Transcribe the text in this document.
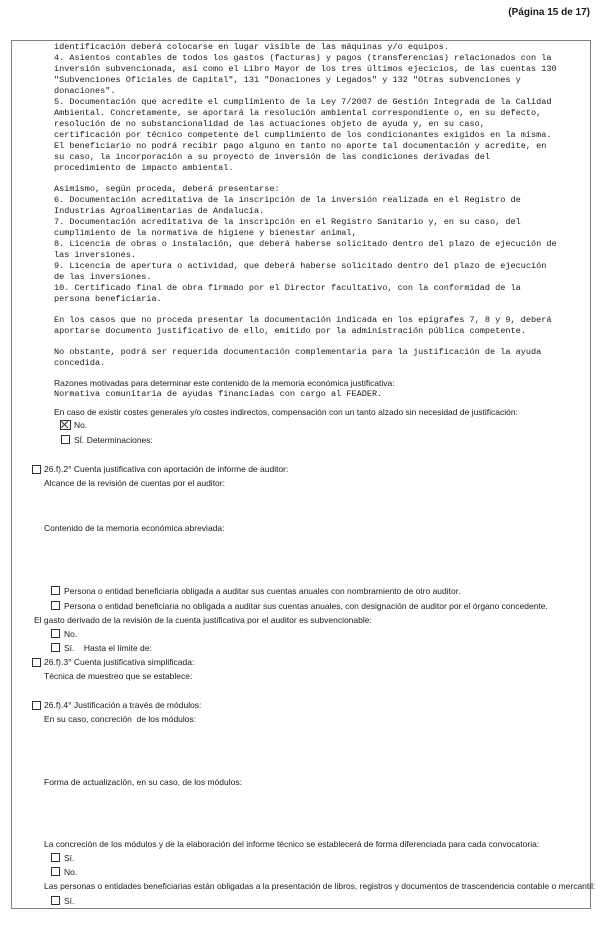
(Página 15 de 17)
identificación deberá colocarse en lugar visible de las máquinas y/o equipos.
4. Asientos contables de todos los gastos (facturas) y pagos (transferencias) relacionados con la
inversión subvencionada, así como el Libro Mayor de los tres últimos ejecicios, de las cuentas 130
"Subvenciones Oficiales de Capital", 131 "Donaciones y Legados" y 132 "Otras subvenciones y
donaciones".
5. Documentación que acredite el cumplimiento de la Ley 7/2007 de Gestión Integrada de la Calidad
Ambiental. Concretamente, se aportará la resolución ambiental correspondiente o, en su defecto,
resolución de no substancionalidad de las actuaciones objeto de ayuda y, en su caso,
certificación por técnico competente del cumplimiento de los condicionantes exigidos en la misma.
El beneficiario no podrá recibir pago alguno en tanto no aporte tal documentación y acredite, en
su caso, la incorporación a su proyecto de inversión de las condiciones derivadas del
procedimiento de impacto ambiental.
Asimismo, según proceda, deberá presentarse:
6. Documentación acreditativa de la inscripción de la inversión realizada en el Registro de
Industrias Agroalimentarias de Andalucía.
7. Documentación acreditativa de la inscripción en el Registro Sanitario y, en su caso, del
cumplimiento de la normativa de higiene y bienestar animal,
8. Licencia de obras o instalación, que deberá haberse solicitado dentro del plazo de ejecución de
las inversiones.
9. Licencia de apertura o actividad, que deberá haberse solicitado dentro del plazo de ejecución
de las inversiones.
10. Certificado final de obra firmado por el Director facultativo, con la conformidad de la
persona beneficiaria.
En los casos que no proceda presentar la documentación indicada en los epígrafes 7, 8 y 9, deberá
aportarse documento justificativo de ello, emitido por la administración pública competente.
No obstante, podrá ser requerida documentación complementaria para la justificación de la ayuda
concedida.
Razones motivadas para determinar este contenido de la memoria económica justificativa:
Normativa comunitaria de ayudas financiadas con cargo al FEADER.
En caso de existir costes generales y/o costes indirectos, compensación con un tanto alzado sin necesidad de justificación:
No.
SÍ. Determinaciones:
26.f).2° Cuenta justificativa con aportación de informe de auditor:
Alcance de la revisión de cuentas por el auditor:
Contenido de la memoria económica abreviada:
Persona o entidad beneficiaria obligada a auditar sus cuentas anuales con nombramiento de otro auditor.
Persona o entidad beneficiaria no obligada a auditar sus cuentas anuales, con designación de auditor por el órgano concedente.
El gasto derivado de la revisión de la cuenta justificativa por el auditor es subvencionable:
No.
Sí.    Hasta el límite de:
26.f).3° Cuenta justificativa simplificada:
Técnica de muestreo que se establece:
26.f).4° Justificación a través de módulos:
En su caso, concreción  de los módulos:
Forma de actualización, en su caso, de los módulos:
La concreción de los módulos y de la elaboración del informe técnico se establecerá de forma diferenciada para cada convocatoria:
Sí.
No.
Las personas o entidades beneficiarias están obligadas a la presentación de libros, registros y documentos de trascendencia contable o mercantil:
Sí.
